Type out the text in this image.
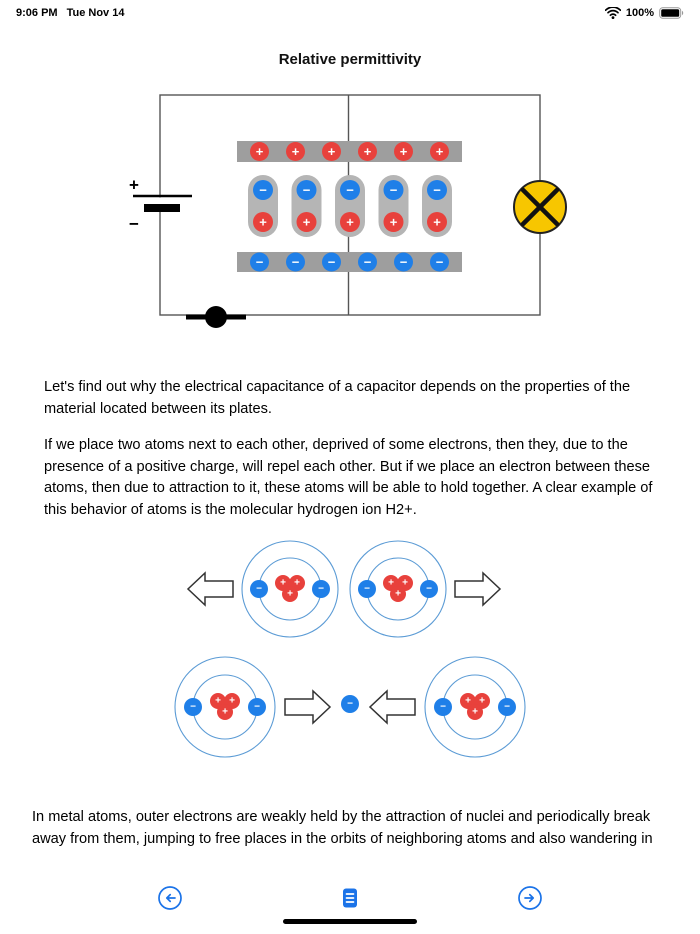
9:06 PM Tue Nov 14	100%
Relative permittivity
+
−
+ + + + + +
− − − − − −
−
+
−
+
−
+
−
+
−
+

Let's find out why the electrical capacitance of a capacitor depends on the properties of the material located between its plates.

If we place two atoms next to each other, deprived of some electrons, then they, due to the presence of a positive charge, will repel each other. But if we place an electron between these atoms, then due to attraction to it, these atoms will be able to hold together. A clear example of this behavior of atoms is the molecular hydrogen ion H2+.

+ +
+
−	−
+ +
+
−	−
+ +
+
−	−	−	+ +
+
−	−

In metal atoms, outer electrons are weakly held by the attraction of nuclei and periodically break away from them, jumping to free places in the orbits of neighboring atoms and also wandering in
